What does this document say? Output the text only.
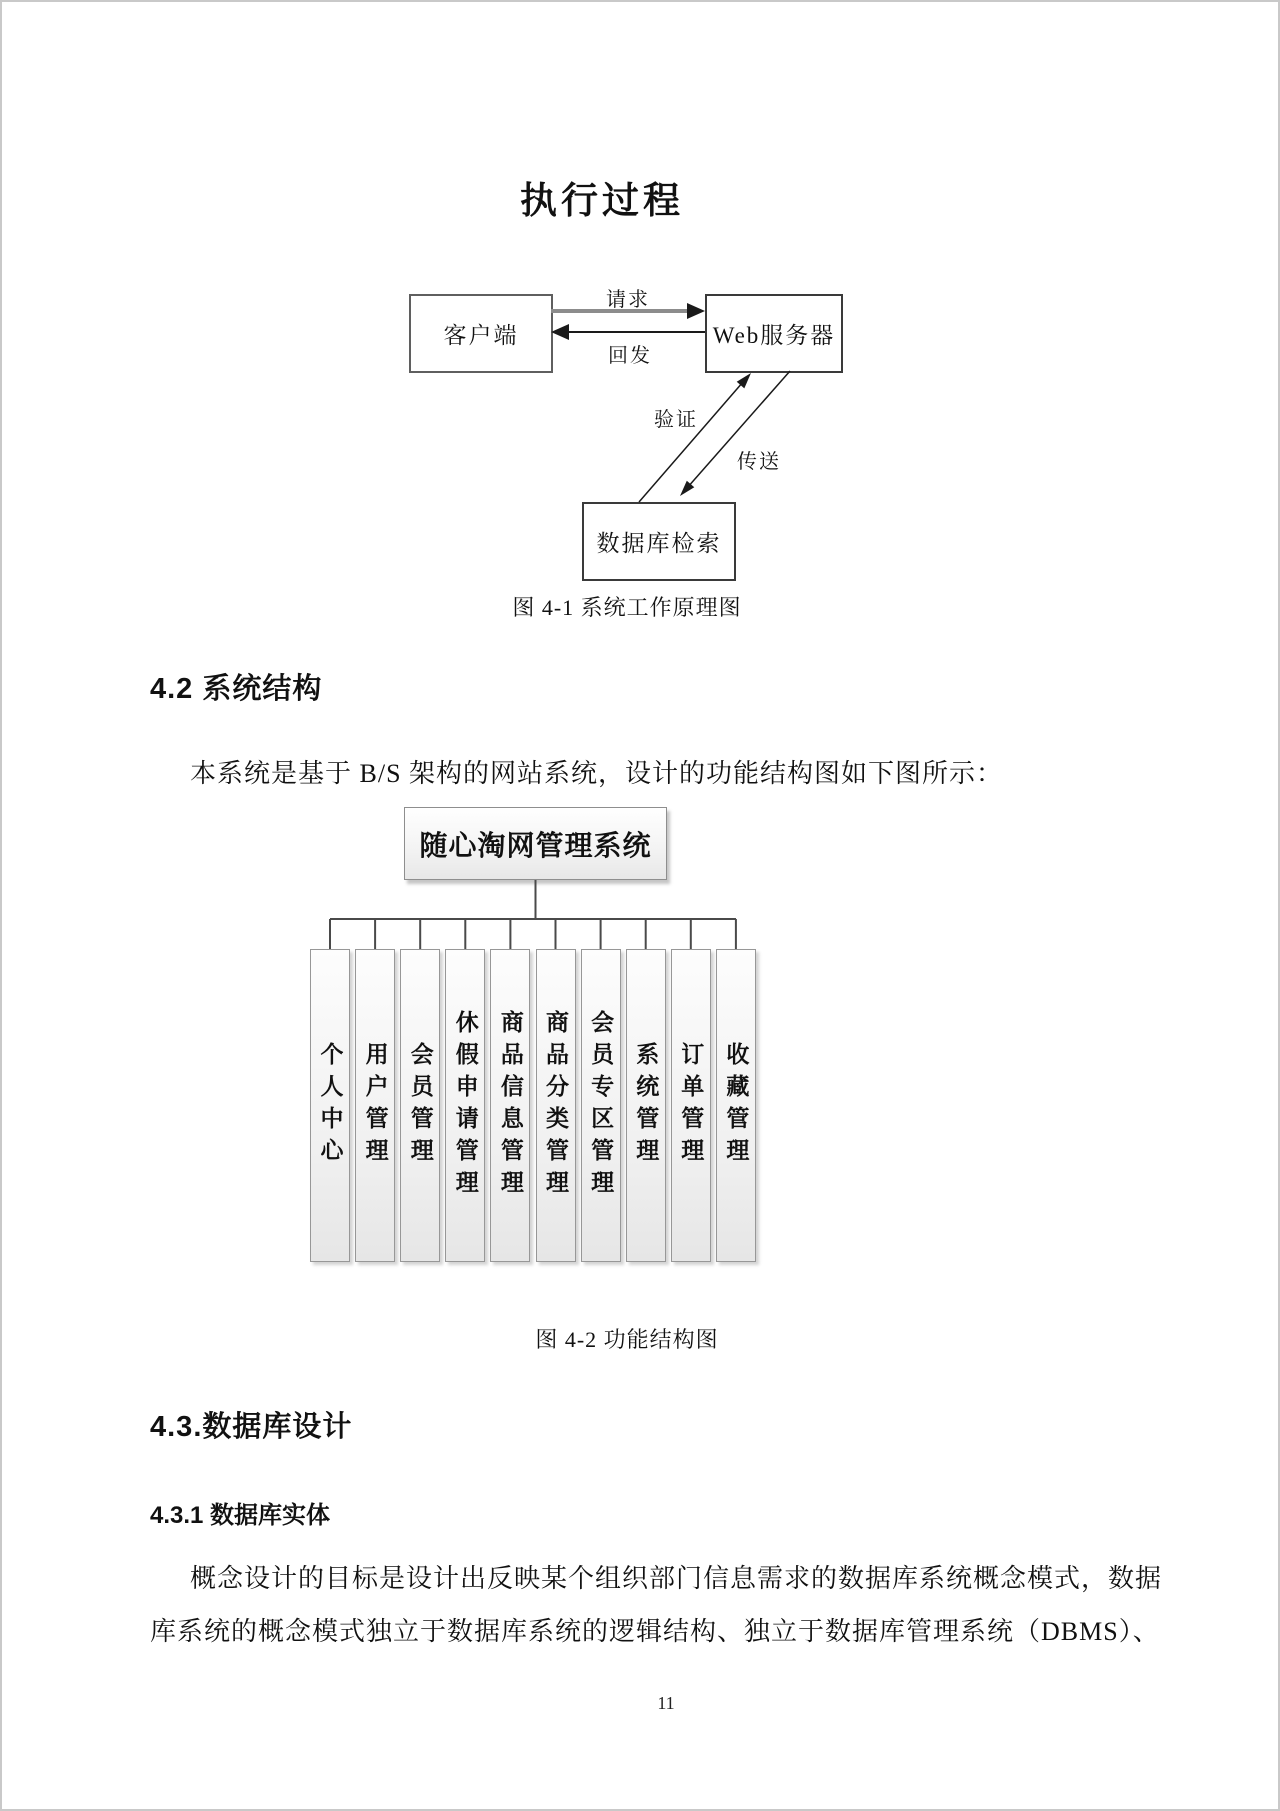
执行过程
客户端	Web服务器
数据库检索
请求
回发
验证
传送
图 4-1 系统工作原理图
4.2 系统结构
本系统是基于 B/S 架构的网站系统，设计的功能结构图如下图所示：
随心淘网管理系统
个人中心 用户管理 会员管理 休假申请管理 商品信息管理 商品分类管理 会员专区管理 系统管理 订单管理 收藏管理
图 4-2 功能结构图
4.3.数据库设计
4.3.1 数据库实体
概念设计的目标是设计出反映某个组织部门信息需求的数据库系统概念模式，数据
库系统的概念模式独立于数据库系统的逻辑结构、独立于数据库管理系统（DBMS）、
11
